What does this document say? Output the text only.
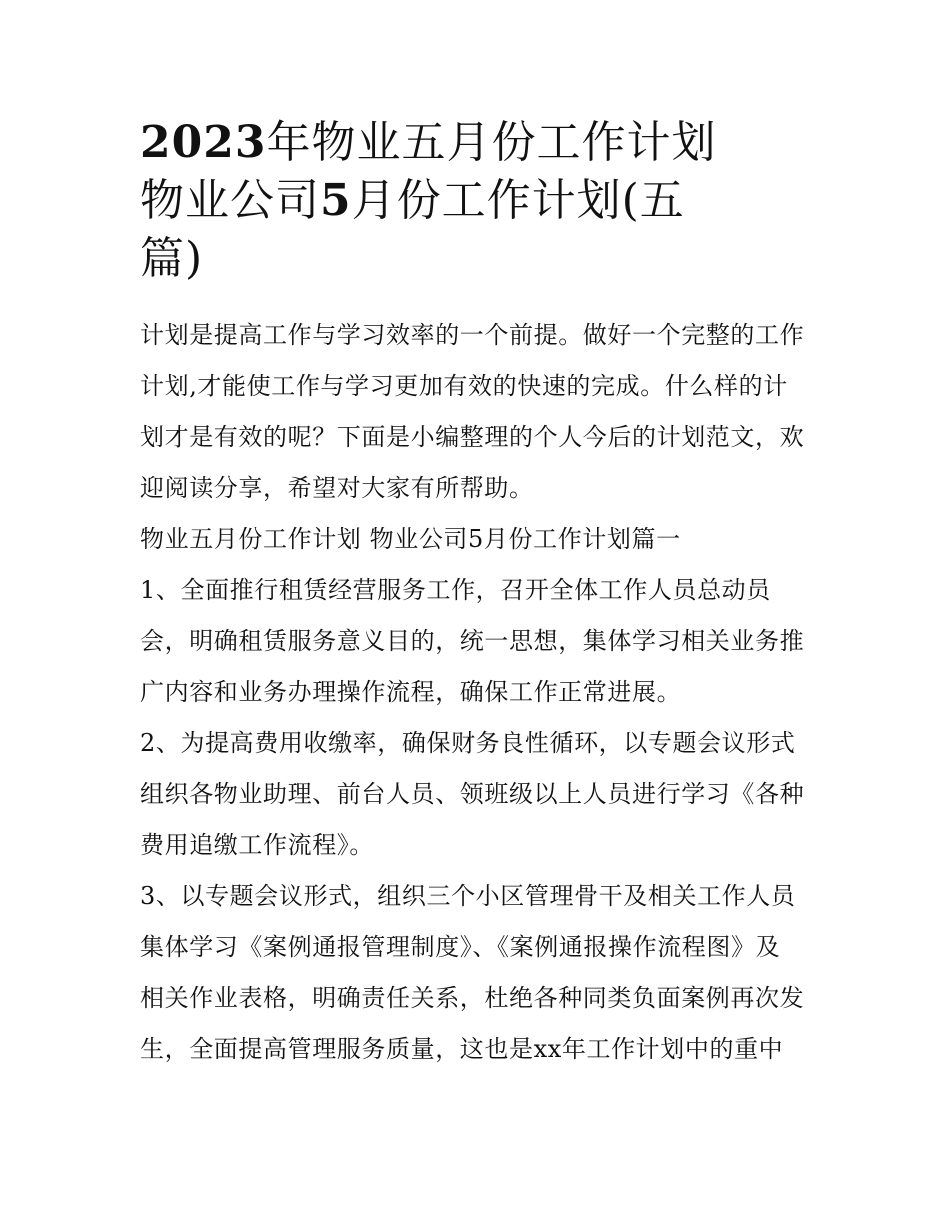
2023年物业五月份工作计划
物业公司5月份工作计划(五
篇)

计划是提高工作与学习效率的一个前提。做好一个完整的工作
计划,才能使工作与学习更加有效的快速的完成。什么样的计
划才是有效的呢？下面是小编整理的个人今后的计划范文，欢
迎阅读分享，希望对大家有所帮助。

物业五月份工作计划 物业公司5月份工作计划篇一

1、全面推行租赁经营服务工作，召开全体工作人员总动员
会，明确租赁服务意义目的，统一思想，集体学习相关业务推
广内容和业务办理操作流程，确保工作正常进展。

2、为提高费用收缴率，确保财务良性循环，以专题会议形式
组织各物业助理、前台人员、领班级以上人员进行学习《各种
费用追缴工作流程》。

3、以专题会议形式，组织三个小区管理骨干及相关工作人员
集体学习《案例通报管理制度》、《案例通报操作流程图》及
相关作业表格，明确责任关系，杜绝各种同类负面案例再次发
生，全面提高管理服务质量，这也是xx年工作计划中的重中
